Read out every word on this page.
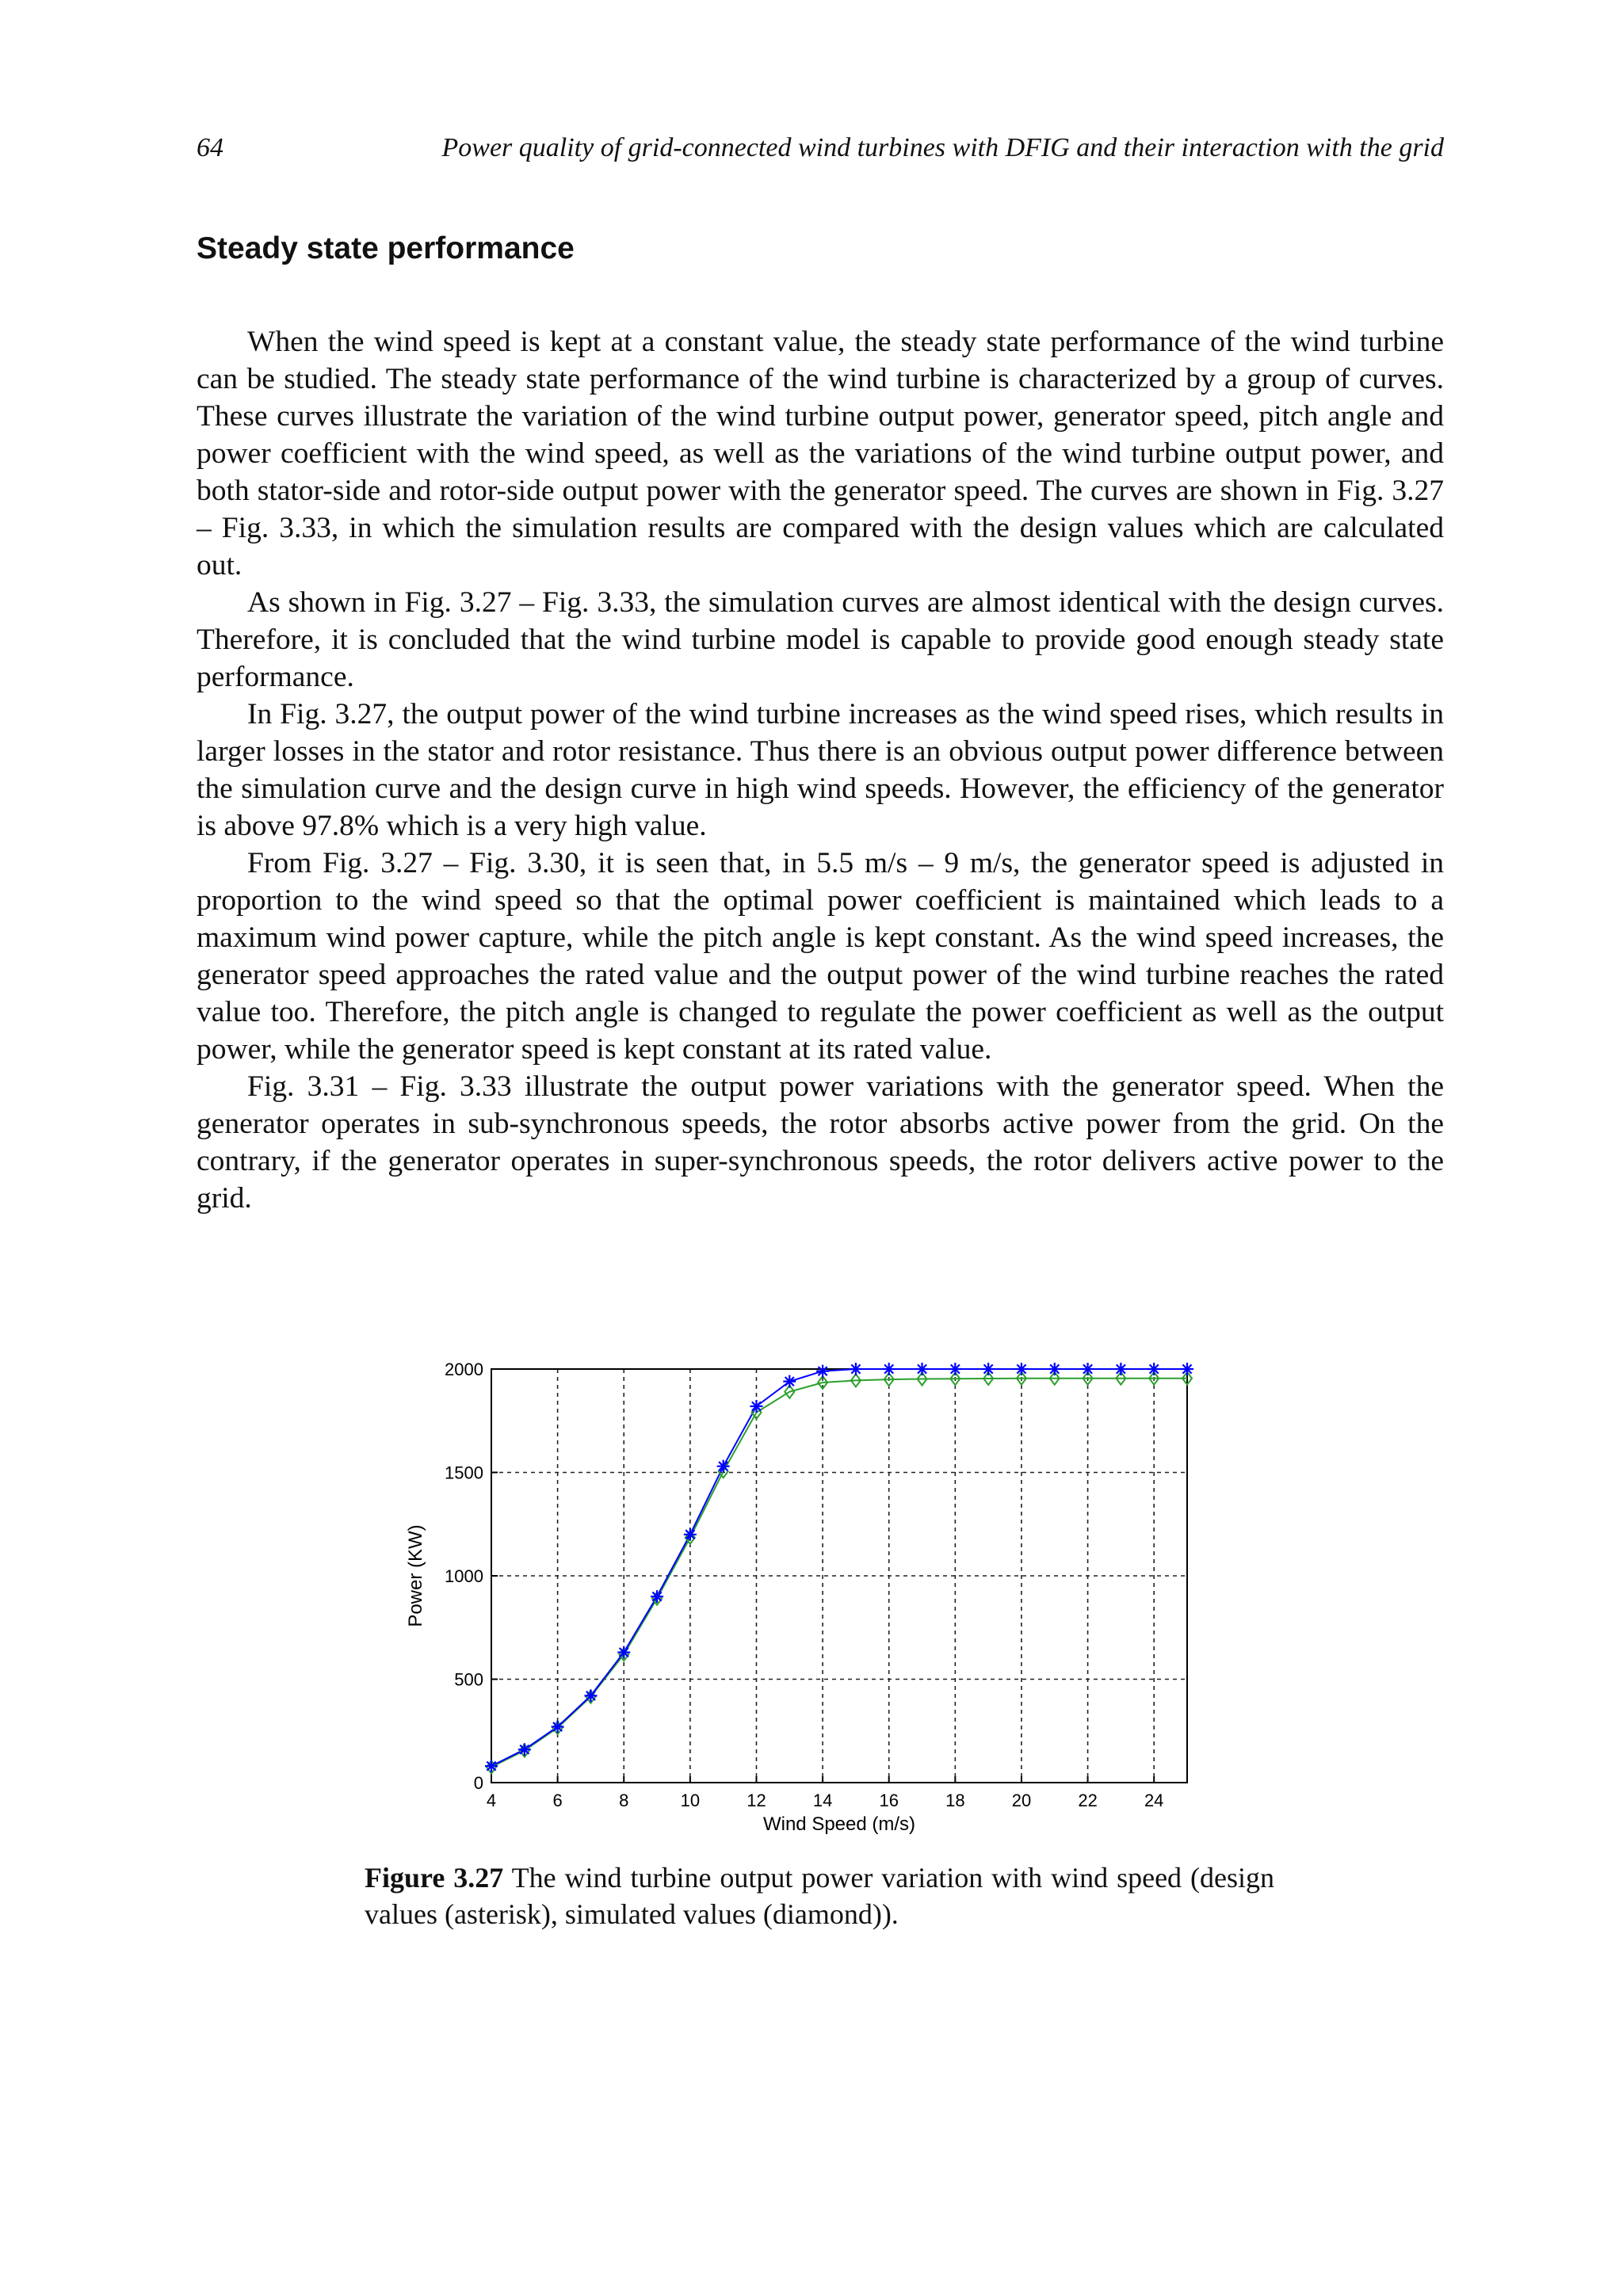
64	Power quality of grid-connected wind turbines with DFIG and their interaction with the grid
Steady state performance

When the wind speed is kept at a constant value, the steady state performance of the wind turbine can be studied. The steady state performance of the wind turbine is characterized by a group of curves. These curves illustrate the variation of the wind turbine output power, generator speed, pitch angle and power coefficient with the wind speed, as well as the variations of the wind turbine output power, and both stator-side and rotor-side output power with the generator speed. The curves are shown in Fig. 3.27 – Fig. 3.33, in which the simulation results are compared with the design values which are calculated out.

As shown in Fig. 3.27 – Fig. 3.33, the simulation curves are almost identical with the design curves. Therefore, it is concluded that the wind turbine model is capable to provide good enough steady state performance.

In Fig. 3.27, the output power of the wind turbine increases as the wind speed rises, which results in larger losses in the stator and rotor resistance. Thus there is an obvious output power difference between the simulation curve and the design curve in high wind speeds. However, the efficiency of the generator is above 97.8% which is a very high value.

From Fig. 3.27 – Fig. 3.30, it is seen that, in 5.5 m/s – 9 m/s, the generator speed is adjusted in proportion to the wind speed so that the optimal power coefficient is maintained which leads to a maximum wind power capture, while the pitch angle is kept constant. As the wind speed increases, the generator speed approaches the rated value and the output power of the wind turbine reaches the rated value too. Therefore, the pitch angle is changed to regulate the power coefficient as well as the output power, while the generator speed is kept constant at its rated value.

Fig. 3.31 – Fig. 3.33 illustrate the output power variations with the generator speed. When the generator operates in sub-synchronous speeds, the rotor absorbs active power from the grid. On the contrary, if the generator operates in super-synchronous speeds, the rotor delivers active power to the grid.

4	6	8	10	12	14	16	18	20	22	24
0
500
1000
1500
2000
Wind Speed (m/s)
Power (KW)

Figure 3.27 The wind turbine output power variation with wind speed (design values (asterisk), simulated values (diamond)).
